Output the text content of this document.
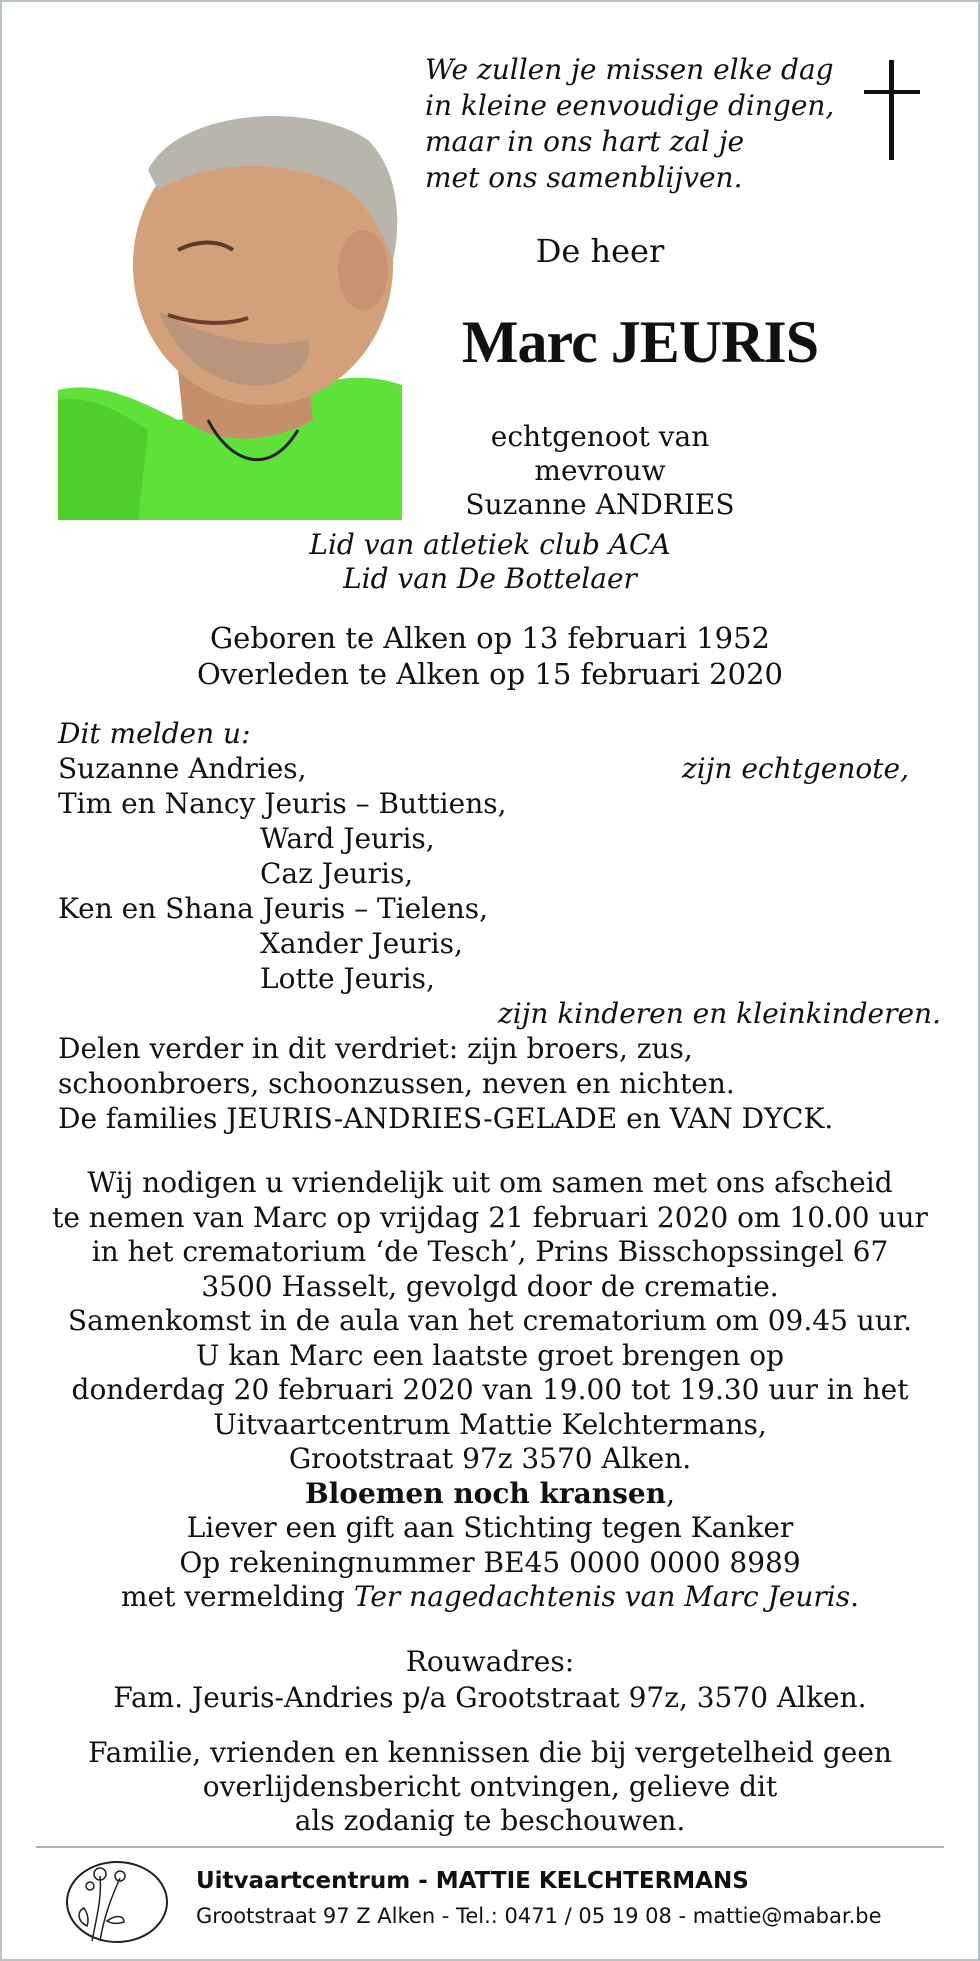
We zullen je missen elke dag
in kleine eenvoudige dingen,
maar in ons hart zal je
met ons samenblijven.
De heer
Marc JEURIS
echtgenoot van mevrouw
Suzanne ANDRIES
Lid van atletiek club ACA
Lid van De Bottelaer
Geboren te Alken op 13 februari 1952
Overleden te Alken op 15 februari 2020
Dit melden u:
Suzanne Andries,	zijn echtgenote,
Tim en Nancy Jeuris – Buttiens,
Ward Jeuris,
Caz Jeuris,
Ken en Shana Jeuris – Tielens,
Xander Jeuris,
Lotte Jeuris,
zijn kinderen en kleinkinderen.
Delen verder in dit verdriet: zijn broers, zus,
schoonbroers, schoonzussen, neven en nichten.
De families JEURIS-ANDRIES-GELADE en VAN DYCK.
Wij nodigen u vriendelijk uit om samen met ons afscheid
te nemen van Marc op vrijdag 21 februari 2020 om 10.00 uur
in het crematorium ‘de Tesch’, Prins Bisschopssingel 67
3500 Hasselt, gevolgd door de crematie.
Samenkomst in de aula van het crematorium om 09.45 uur.
U kan Marc een laatste groet brengen op
donderdag 20 februari 2020 van 19.00 tot 19.30 uur in het
Uitvaartcentrum Mattie Kelchtermans,
Grootstraat 97z 3570 Alken.
Bloemen noch kransen,
Liever een gift aan Stichting tegen Kanker
Op rekeningnummer BE45 0000 0000 8989
met vermelding Ter nagedachtenis van Marc Jeuris.
Rouwadres:
Fam. Jeuris-Andries p/a Grootstraat 97z, 3570 Alken.
Familie, vrienden en kennissen die bij vergetelheid geen
overlijdensbericht ontvingen, gelieve dit
als zodanig te beschouwen.
Uitvaartcentrum - MATTIE KELCHTERMANS
Grootstraat 97 Z Alken - Tel.: 0471 / 05 19 08 - mattie@mabar.be
